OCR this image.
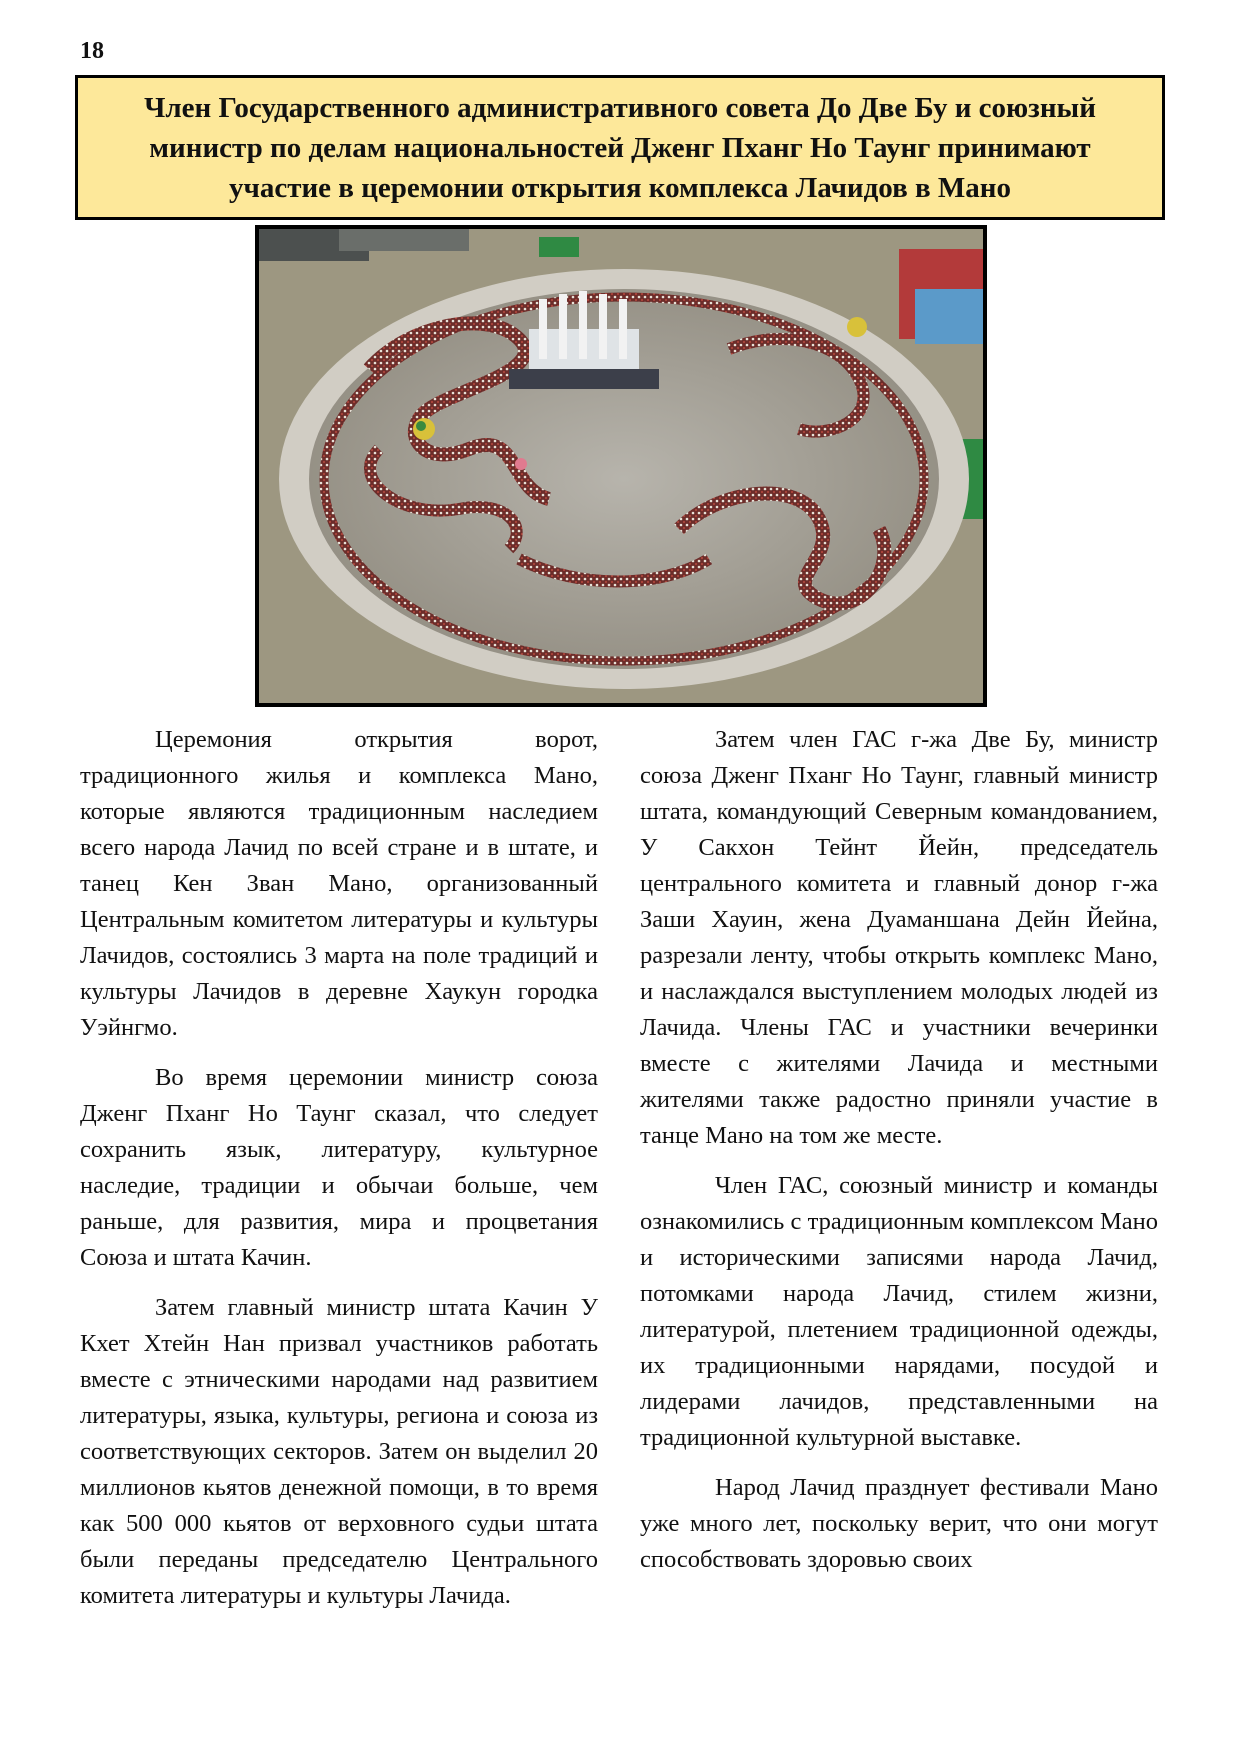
18
Член Государственного административного совета До Две Бу и союзный министр по делам национальностей Дженг Пханг Но Таунг принимают участие в церемонии открытия комплекса Лачидов в Мано

Церемония открытия ворот, традиционного жилья и комплекса Мано, которые являются традиционным наследием всего народа Лачид по всей стране и в штате, и танец Кен Зван Мано, организованный Центральным комитетом литературы и культуры Лачидов, состоялись 3 марта на поле традиций и культуры Лачидов в деревне Хаукун городка Уэйнгмо.

Во время церемонии министр союза Дженг Пханг Но Таунг сказал, что следует сохранить язык, литературу, культурное наследие, традиции и обычаи больше, чем раньше, для развития, мира и процветания Союза и штата Качин.

Затем главный министр штата Качин У Кхет Хтейн Нан призвал участников работать вместе с этническими народами над развитием литературы, языка, культуры, региона и союза из соответствующих секторов. Затем он выделил 20 миллионов кьятов денежной помощи, в то время как 500 000 кьятов от верховного судьи штата были переданы председателю Центрального комитета литературы и культуры Лачида.

Затем член ГАС г-жа Две Бу, министр союза Дженг Пханг Но Таунг, главный министр штата, командующий Северным командованием, У Сакхон Тейнт Йейн, председатель центрального комитета и главный донор г-жа Заши Хауин, жена Дуаманшана Дейн Йейна, разрезали ленту, чтобы открыть комплекс Мано, и наслаждался выступлением молодых людей из Лачида. Члены ГАС и участники вечеринки вместе с жителями Лачида и местными жителями также радостно приняли участие в танце Мано на том же месте.

Член ГАС, союзный министр и команды ознакомились с традиционным комплексом Мано и историческими записями народа Лачид, потомками народа Лачид, стилем жизни, литературой, плетением традиционной одежды, их традиционными нарядами, посудой и лидерами лачидов, представленными на традиционной культурной выставке.

Народ Лачид празднует фестивали Мано уже много лет, поскольку верит, что они могут способствовать здоровью своих
